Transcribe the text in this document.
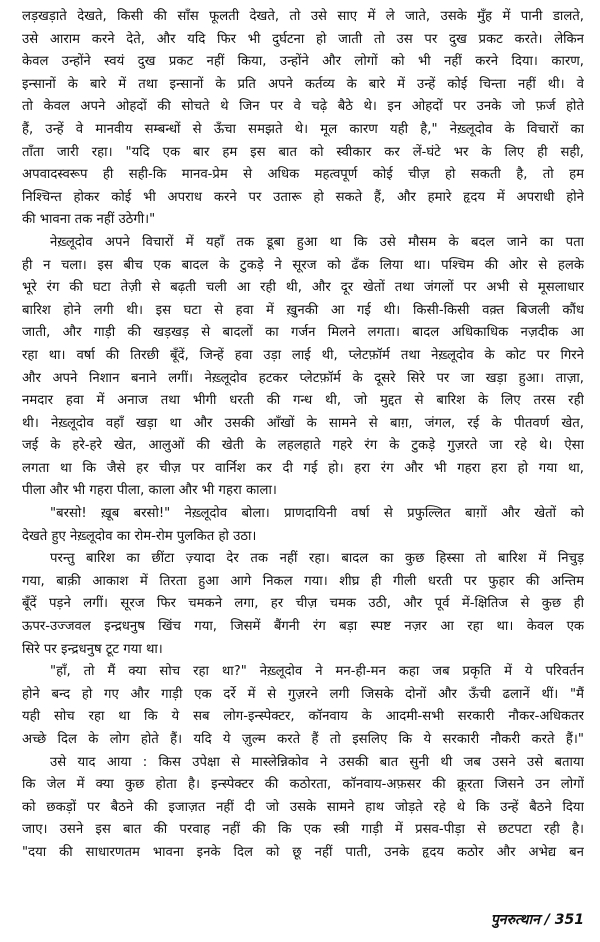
लड़खड़ाते देखते, किसी की साँस फूलती देखते, तो उसे साए में ले जाते, उसके मुँह में पानी डालते,
उसे आराम करने देते, और यदि फिर भी दुर्घटना हो जाती तो उस पर दुख प्रकट करते। लेकिन
केवल उन्होंने स्वयं दुख प्रकट नहीं किया, उन्होंने और लोगों को भी नहीं करने दिया। कारण,
इन्सानों के बारे में तथा इन्सानों के प्रति अपने कर्तव्य के बारे में उन्हें कोई चिन्ता नहीं थी। वे
तो केवल अपने ओहदों की सोचते थे जिन पर वे चढ़े बैठे थे। इन ओहदों पर उनके जो फ़र्ज होते
हैं, उन्हें वे मानवीय सम्बन्धों से ऊँचा समझते थे। मूल कारण यही है," नेख़्लूदोव के विचारों का
ताँता जारी रहा। "यदि एक बार हम इस बात को स्वीकार कर लें-घंटे भर के लिए ही सही,
अपवादस्वरूप ही सही-कि मानव-प्रेम से अधिक महत्वपूर्ण कोई चीज़ हो सकती है, तो हम
निश्चिन्त होकर कोई भी अपराध करने पर उतारू हो सकते हैं, और हमारे हृदय में अपराधी होने
की भावना तक नहीं उठेगी।"
नेख़्लूदोव अपने विचारों में यहाँ तक डूबा हुआ था कि उसे मौसम के बदल जाने का पता
ही न चला। इस बीच एक बादल के टुकड़े ने सूरज को ढँक लिया था। पश्चिम की ओर से हलके
भूरे रंग की घटा तेज़ी से बढ़ती चली आ रही थी, और दूर खेतों तथा जंगलों पर अभी से मूसलाधार
बारिश होने लगी थी। इस घटा से हवा में ख़ुनकी आ गई थी। किसी-किसी वक़्त बिजली कौंध
जाती, और गाड़ी की खड़खड़ से बादलों का गर्जन मिलने लगता। बादल अधिकाधिक नज़दीक आ
रहा था। वर्षा की तिरछी बूँदें, जिन्हें हवा उड़ा लाई थी, प्लेटफ़ॉर्म तथा नेख़्लूदोव के कोट पर गिरने
और अपने निशान बनाने लगीं। नेख़्लूदोव हटकर प्लेटफ़ॉर्म के दूसरे सिरे पर जा खड़ा हुआ। ताज़ा,
नमदार हवा में अनाज तथा भीगी धरती की गन्ध थी, जो मुद्दत से बारिश के लिए तरस रही
थी। नेख़्लूदोव वहाँ खड़ा था और उसकी आँखों के सामने से बाग़, जंगल, रई के पीतवर्ण खेत,
जई के हरे-हरे खेत, आलुओं की खेती के लहलहाते गहरे रंग के टुकड़े गुज़रते जा रहे थे। ऐसा
लगता था कि जैसे हर चीज़ पर वार्निश कर दी गई हो। हरा रंग और भी गहरा हरा हो गया था,
पीला और भी गहरा पीला, काला और भी गहरा काला।
"बरसो! ख़ूब बरसो!" नेख़्लूदोव बोला। प्राणदायिनी वर्षा से प्रफुल्लित बाग़ों और खेतों को
देखते हुए नेख़्लूदोव का रोम-रोम पुलकित हो उठा।
परन्तु बारिश का छींटा ज़्यादा देर तक नहीं रहा। बादल का कुछ हिस्सा तो बारिश में निचुड़
गया, बाक़ी आकाश में तिरता हुआ आगे निकल गया। शीघ्र ही गीली धरती पर फुहार की अन्तिम
बूँदें पड़ने लगीं। सूरज फिर चमकने लगा, हर चीज़ चमक उठी, और पूर्व में-क्षितिज से कुछ ही
ऊपर-उज्जवल इन्द्रधनुष खिंच गया, जिसमें बैंगनी रंग बड़ा स्पष्ट नज़र आ रहा था। केवल एक
सिरे पर इन्द्रधनुष टूट गया था।
"हाँ, तो मैं क्या सोच रहा था?" नेख़्लूदोव ने मन-ही-मन कहा जब प्रकृति में ये परिवर्तन
होने बन्द हो गए और गाड़ी एक दर्रे में से गुज़रने लगी जिसके दोनों और ऊँची ढलानें थीं। "मैं
यही सोच रहा था कि ये सब लोग-इन्स्पेक्टर, कॉनवाय के आदमी-सभी सरकारी नौकर-अधिकतर
अच्छे दिल के लोग होते हैं। यदि ये ज़ुल्म करते हैं तो इसलिए कि ये सरकारी नौकरी करते हैं।"
उसे याद आया : किस उपेक्षा से मास्लेन्निकोव ने उसकी बात सुनी थी जब उसने उसे बताया
कि जेल में क्या कुछ होता है। इन्स्पेक्टर की कठोरता, कॉनवाय-अफ़सर की क्रूरता जिसने उन लोगों
को छकड़ों पर बैठने की इजाज़त नहीं दी जो उसके सामने हाथ जोड़ते रहे थे कि उन्हें बैठने दिया
जाए। उसने इस बात की परवाह नहीं की कि एक स्त्री गाड़ी में प्रसव-पीड़ा से छटपटा रही है।
"दया की साधारणतम भावना इनके दिल को छू नहीं पाती, उनके हृदय कठोर और अभेद्य बन
पुनरुत्थान / 351
